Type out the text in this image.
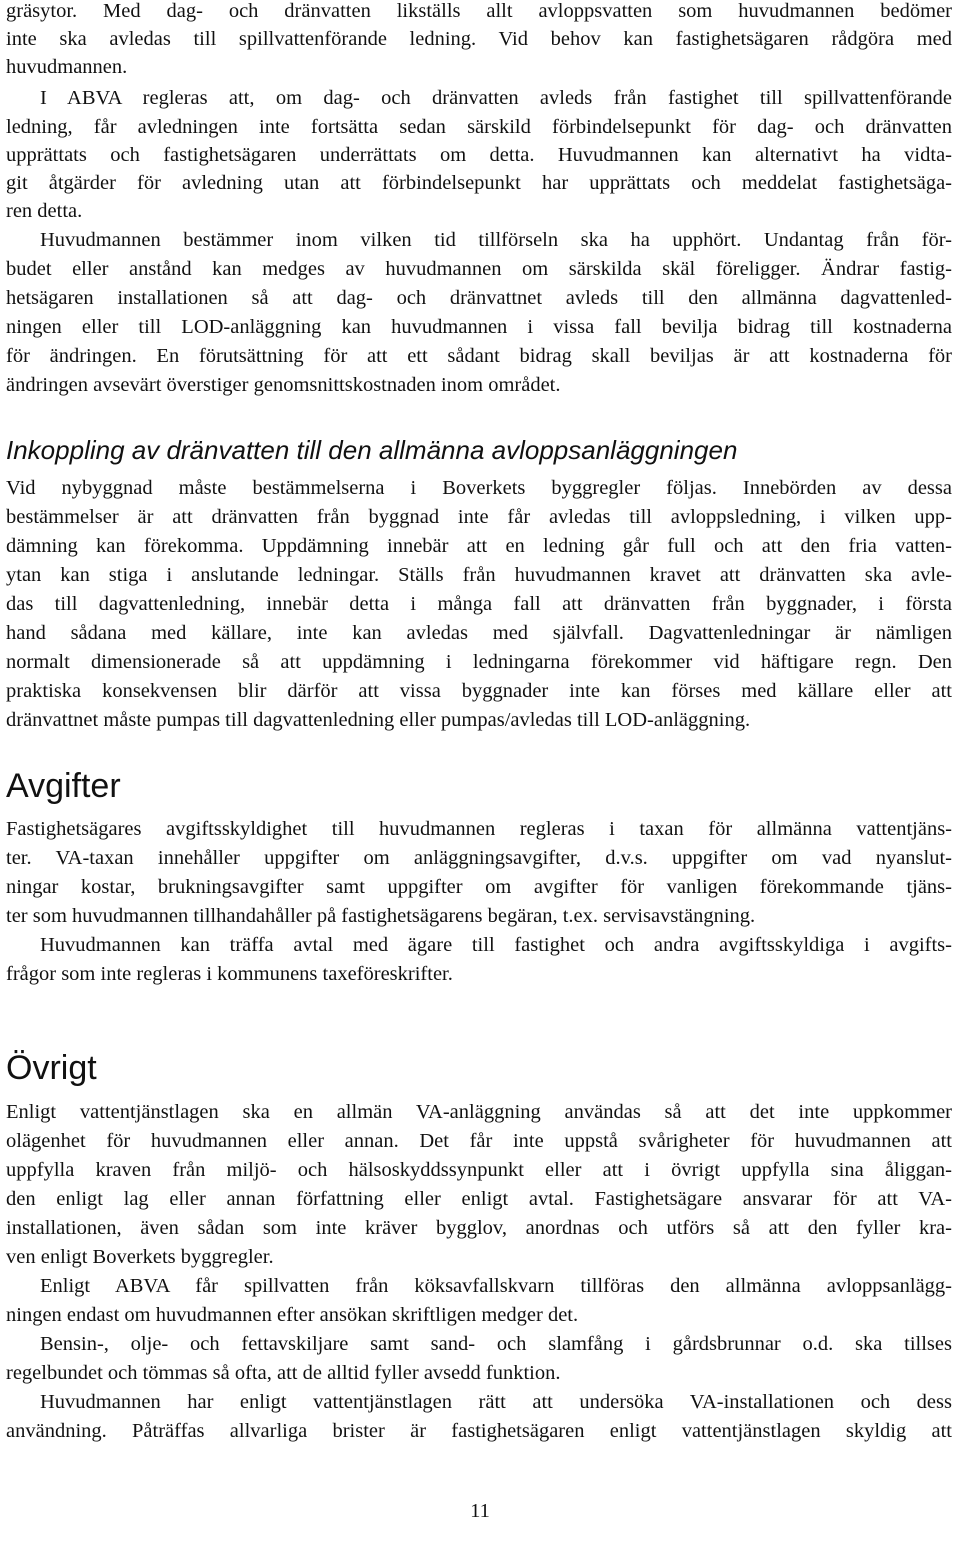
gräsytor. Med dag- och dränvatten likställs allt avloppsvatten som huvudmannen bedömer
inte ska avledas till spillvattenförande ledning. Vid behov kan fastighetsägaren rådgöra med
huvudmannen.
I ABVA regleras att, om dag- och dränvatten avleds från fastighet till spillvattenförande
ledning, får avledningen inte fortsätta sedan särskild förbindelsepunkt för dag- och dränvatten
upprättats och fastighetsägaren underrättats om detta. Huvudmannen kan alternativt ha vidta-
git åtgärder för avledning utan att förbindelsepunkt har upprättats och meddelat fastighetsäga-
ren detta.
Huvudmannen bestämmer inom vilken tid tillförseln ska ha upphört. Undantag från för-
budet eller anstånd kan medges av huvudmannen om särskilda skäl föreligger. Ändrar fastig-
hetsägaren installationen så att dag- och dränvattnet avleds till den allmänna dagvattenled-
ningen eller till LOD-anläggning kan huvudmannen i vissa fall bevilja bidrag till kostnaderna
för ändringen. En förutsättning för att ett sådant bidrag skall beviljas är att kostnaderna för
ändringen avsevärt överstiger genomsnittskostnaden inom området.
Inkoppling av dränvatten till den allmänna avloppsanläggningen
Vid nybyggnad måste bestämmelserna i Boverkets byggregler följas. Innebörden av dessa
bestämmelser är att dränvatten från byggnad inte får avledas till avloppsledning, i vilken upp-
dämning kan förekomma. Uppdämning innebär att en ledning går full och att den fria vatten-
ytan kan stiga i anslutande ledningar. Ställs från huvudmannen kravet att dränvatten ska avle-
das till dagvattenledning, innebär detta i många fall att dränvatten från byggnader, i första
hand sådana med källare, inte kan avledas med självfall. Dagvattenledningar är nämligen
normalt dimensionerade så att uppdämning i ledningarna förekommer vid häftigare regn. Den
praktiska konsekvensen blir därför att vissa byggnader inte kan förses med källare eller att
dränvattnet måste pumpas till dagvattenledning eller pumpas/avledas till LOD-anläggning.
Avgifter
Fastighetsägares avgiftsskyldighet till huvudmannen regleras i taxan för allmänna vattentjäns-
ter. VA-taxan innehåller uppgifter om anläggningsavgifter, d.v.s. uppgifter om vad nyanslut-
ningar kostar, brukningsavgifter samt uppgifter om avgifter för vanligen förekommande tjäns-
ter som huvudmannen tillhandahåller på fastighetsägarens begäran, t.ex. servisavstängning.
Huvudmannen kan träffa avtal med ägare till fastighet och andra avgiftsskyldiga i avgifts-
frågor som inte regleras i kommunens taxeföreskrifter.
Övrigt
Enligt vattentjänstlagen ska en allmän VA-anläggning användas så att det inte uppkommer
olägenhet för huvudmannen eller annan. Det får inte uppstå svårigheter för huvudmannen att
uppfylla kraven från miljö- och hälsoskyddssynpunkt eller att i övrigt uppfylla sina åliggan-
den enligt lag eller annan författning eller enligt avtal. Fastighetsägare ansvarar för att VA-
installationen, även sådan som inte kräver bygglov, anordnas och utförs så att den fyller kra-
ven enligt Boverkets byggregler.
Enligt ABVA får spillvatten från köksavfallskvarn tillföras den allmänna avloppsanlägg-
ningen endast om huvudmannen efter ansökan skriftligen medger det.
Bensin-, olje- och fettavskiljare samt sand- och slamfång i gårdsbrunnar o.d. ska tillses
regelbundet och tömmas så ofta, att de alltid fyller avsedd funktion.
Huvudmannen har enligt vattentjänstlagen rätt att undersöka VA-installationen och dess
användning. Påträffas allvarliga brister är fastighetsägaren enligt vattentjänstlagen skyldig att
11
